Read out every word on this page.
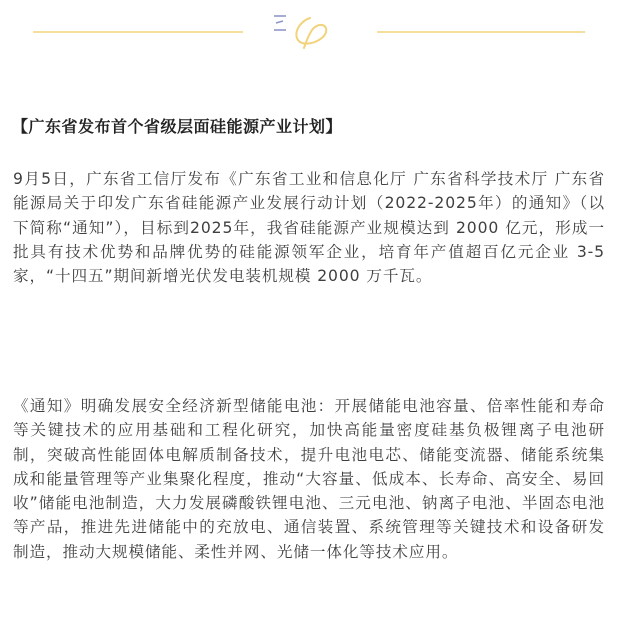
【广东省发布首个省级层面硅能源产业计划】

9月5日，广东省工信厅发布《广东省工业和信息化厅 广东省科学技术厅 广东省能源局关于印发广东省硅能源产业发展行动计划（2022-2025年）的通知》（以下简称“通知”），目标到2025年，我省硅能源产业规模达到 2000 亿元，形成一批具有技术优势和品牌优势的硅能源领军企业，培育年产值超百亿元企业 3-5 家，“十四五”期间新增光伏发电装机规模 2000 万千瓦。

《通知》明确发展安全经济新型储能电池：开展储能电池容量、倍率性能和寿命等关键技术的应用基础和工程化研究，加快高能量密度硅基负极锂离子电池研制，突破高性能固体电解质制备技术，提升电池电芯、储能变流器、储能系统集成和能量管理等产业集聚化程度，推动“大容量、低成本、长寿命、高安全、易回收”储能电池制造，大力发展磷酸铁锂电池、三元电池、钠离子电池、半固态电池等产品，推进先进储能中的充放电、通信装置、系统管理等关键技术和设备研发制造，推动大规模储能、柔性并网、光储一体化等技术应用。
